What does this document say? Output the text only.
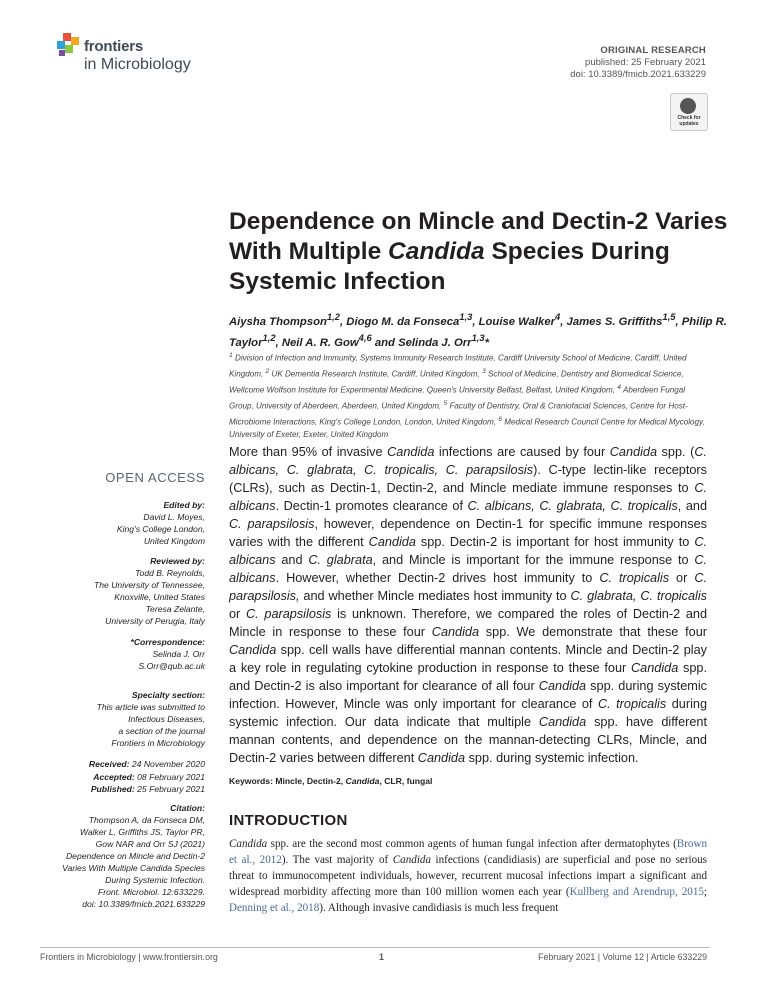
frontiers
in Microbiology
ORIGINAL RESEARCH
published: 25 February 2021
doi: 10.3389/fmicb.2021.633229
Check for
updates
Dependence on Mincle and Dectin-2 Varies With Multiple Candida Species During Systemic Infection
Aiysha Thompson$^{1,2}$, Diogo M. da Fonseca$^{1,3}$, Louise Walker$^4$, James S. Griffiths$^{1,5}$, Philip R. Taylor$^{1,2}$, Neil A. R. Gow$^{4,6}$ and Selinda J. Orr$^{1,3}$*
$^1$ Division of Infection and Immunity, Systems Immunity Research Institute, Cardiff University School of Medicine, Cardiff, United Kingdom, $^2$ UK Dementia Research Institute, Cardiff, United Kingdom, $^3$ School of Medicine, Dentistry and Biomedical Science, Wellcome Wolfson Institute for Experimental Medicine, Queen's University Belfast, Belfast, United Kingdom, $^4$ Aberdeen Fungal Group, University of Aberdeen, Aberdeen, United Kingdom, $^5$ Faculty of Dentistry, Oral & Craniofacial Sciences, Centre for Host-Microbiome Interactions, King's College London, London, United Kingdom, $^6$ Medical Research Council Centre for Medical Mycology, University of Exeter, Exeter, United Kingdom
OPEN ACCESS
Edited by:
David L. Moyes,
King's College London,
United Kingdom
Reviewed by:
Todd B. Reynolds,
The University of Tennessee,
Knoxville, United States
Teresa Zelante,
University of Perugia, Italy
*Correspondence:
Selinda J. Orr
S.Orr@qub.ac.uk
Specialty section:
This article was submitted to
Infectious Diseases,
a section of the journal
Frontiers in Microbiology
Received: 24 November 2020
Accepted: 08 February 2021
Published: 25 February 2021
Citation:
Thompson A, da Fonseca DM,
Walker L, Griffiths JS, Taylor PR,
Gow NAR and Orr SJ (2021)
Dependence on Mincle and Dectin-2
Varies With Multiple Candida Species
During Systemic Infection.
Front. Microbiol. 12:633229.
doi: 10.3389/fmicb.2021.633229
More than 95% of invasive Candida infections are caused by four Candida spp. (C. albicans, C. glabrata, C. tropicalis, C. parapsilosis). C-type lectin-like receptors (CLRs), such as Dectin-1, Dectin-2, and Mincle mediate immune responses to C. albicans. Dectin-1 promotes clearance of C. albicans, C. glabrata, C. tropicalis, and C. parapsilosis, however, dependence on Dectin-1 for specific immune responses varies with the different Candida spp. Dectin-2 is important for host immunity to C. albicans and C. glabrata, and Mincle is important for the immune response to C. albicans. However, whether Dectin-2 drives host immunity to C. tropicalis or C. parapsilosis, and whether Mincle mediates host immunity to C. glabrata, C. tropicalis or C. parapsilosis is unknown. Therefore, we compared the roles of Dectin-2 and Mincle in response to these four Candida spp. We demonstrate that these four Candida spp. cell walls have differential mannan contents. Mincle and Dectin-2 play a key role in regulating cytokine production in response to these four Candida spp. and Dectin-2 is also important for clearance of all four Candida spp. during systemic infection. However, Mincle was only important for clearance of C. tropicalis during systemic infection. Our data indicate that multiple Candida spp. have different mannan contents, and dependence on the mannan-detecting CLRs, Mincle, and Dectin-2 varies between different Candida spp. during systemic infection.
Keywords: Mincle, Dectin-2, Candida, CLR, fungal
INTRODUCTION
Candida spp. are the second most common agents of human fungal infection after dermatophytes (Brown et al., 2012). The vast majority of Candida infections (candidiasis) are superficial and pose no serious threat to immunocompetent individuals, however, recurrent mucosal infections impart a significant and widespread morbidity affecting more than 100 million women each year (Kullberg and Arendrup, 2015; Denning et al., 2018). Although invasive candidiasis is much less frequent
Frontiers in Microbiology | www.frontiersin.org	1	February 2021 | Volume 12 | Article 633229
